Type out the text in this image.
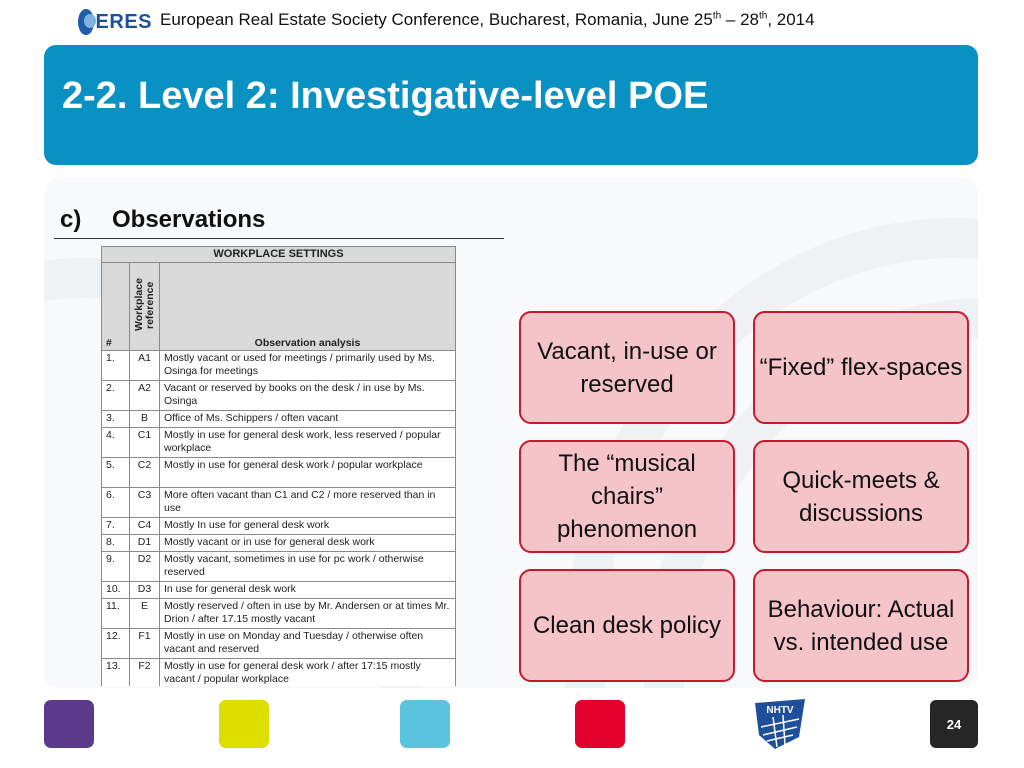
ERES European Real Estate Society Conference, Bucharest, Romania, June 25th – 28th, 2014
2-2. Level 2: Investigative-level POE
c) Observations
WORKPLACE SETTINGS		
#	Workplace reference	Observation analysis
1.	A1	Mostly vacant or used for meetings / primarily used by Ms. Osinga for meetings
2.	A2	Vacant or reserved by books on the desk / in use by Ms. Osinga
3.	B	Office of Ms. Schippers / often vacant
4.	C1	Mostly in use for general desk work, less reserved / popular workplace
5.	C2	Mostly in use for general desk work / popular workplace
6.	C3	More often vacant than C1 and C2 / more reserved than in use
7.	C4	Mostly In use for general desk work
8.	D1	Mostly vacant or in use for general desk work
9.	D2	Mostly vacant, sometimes in use for pc work / otherwise reserved
10.	D3	In use for general desk work
11.	E	Mostly reserved / often in use by Mr. Andersen or at times Mr. Drion / after 17.15 mostly vacant
12.	F1	Mostly in use on Monday and Tuesday / otherwise often vacant and reserved
13.	F2	Mostly in use for general desk work / after 17:15 mostly vacant / popular workplace
Vacant, in-use or reserved
“Fixed” flex-spaces
The “musical chairs” phenomenon
Quick-meets & discussions
Clean desk policy
Behaviour: Actual vs. intended use
NHTV
24
